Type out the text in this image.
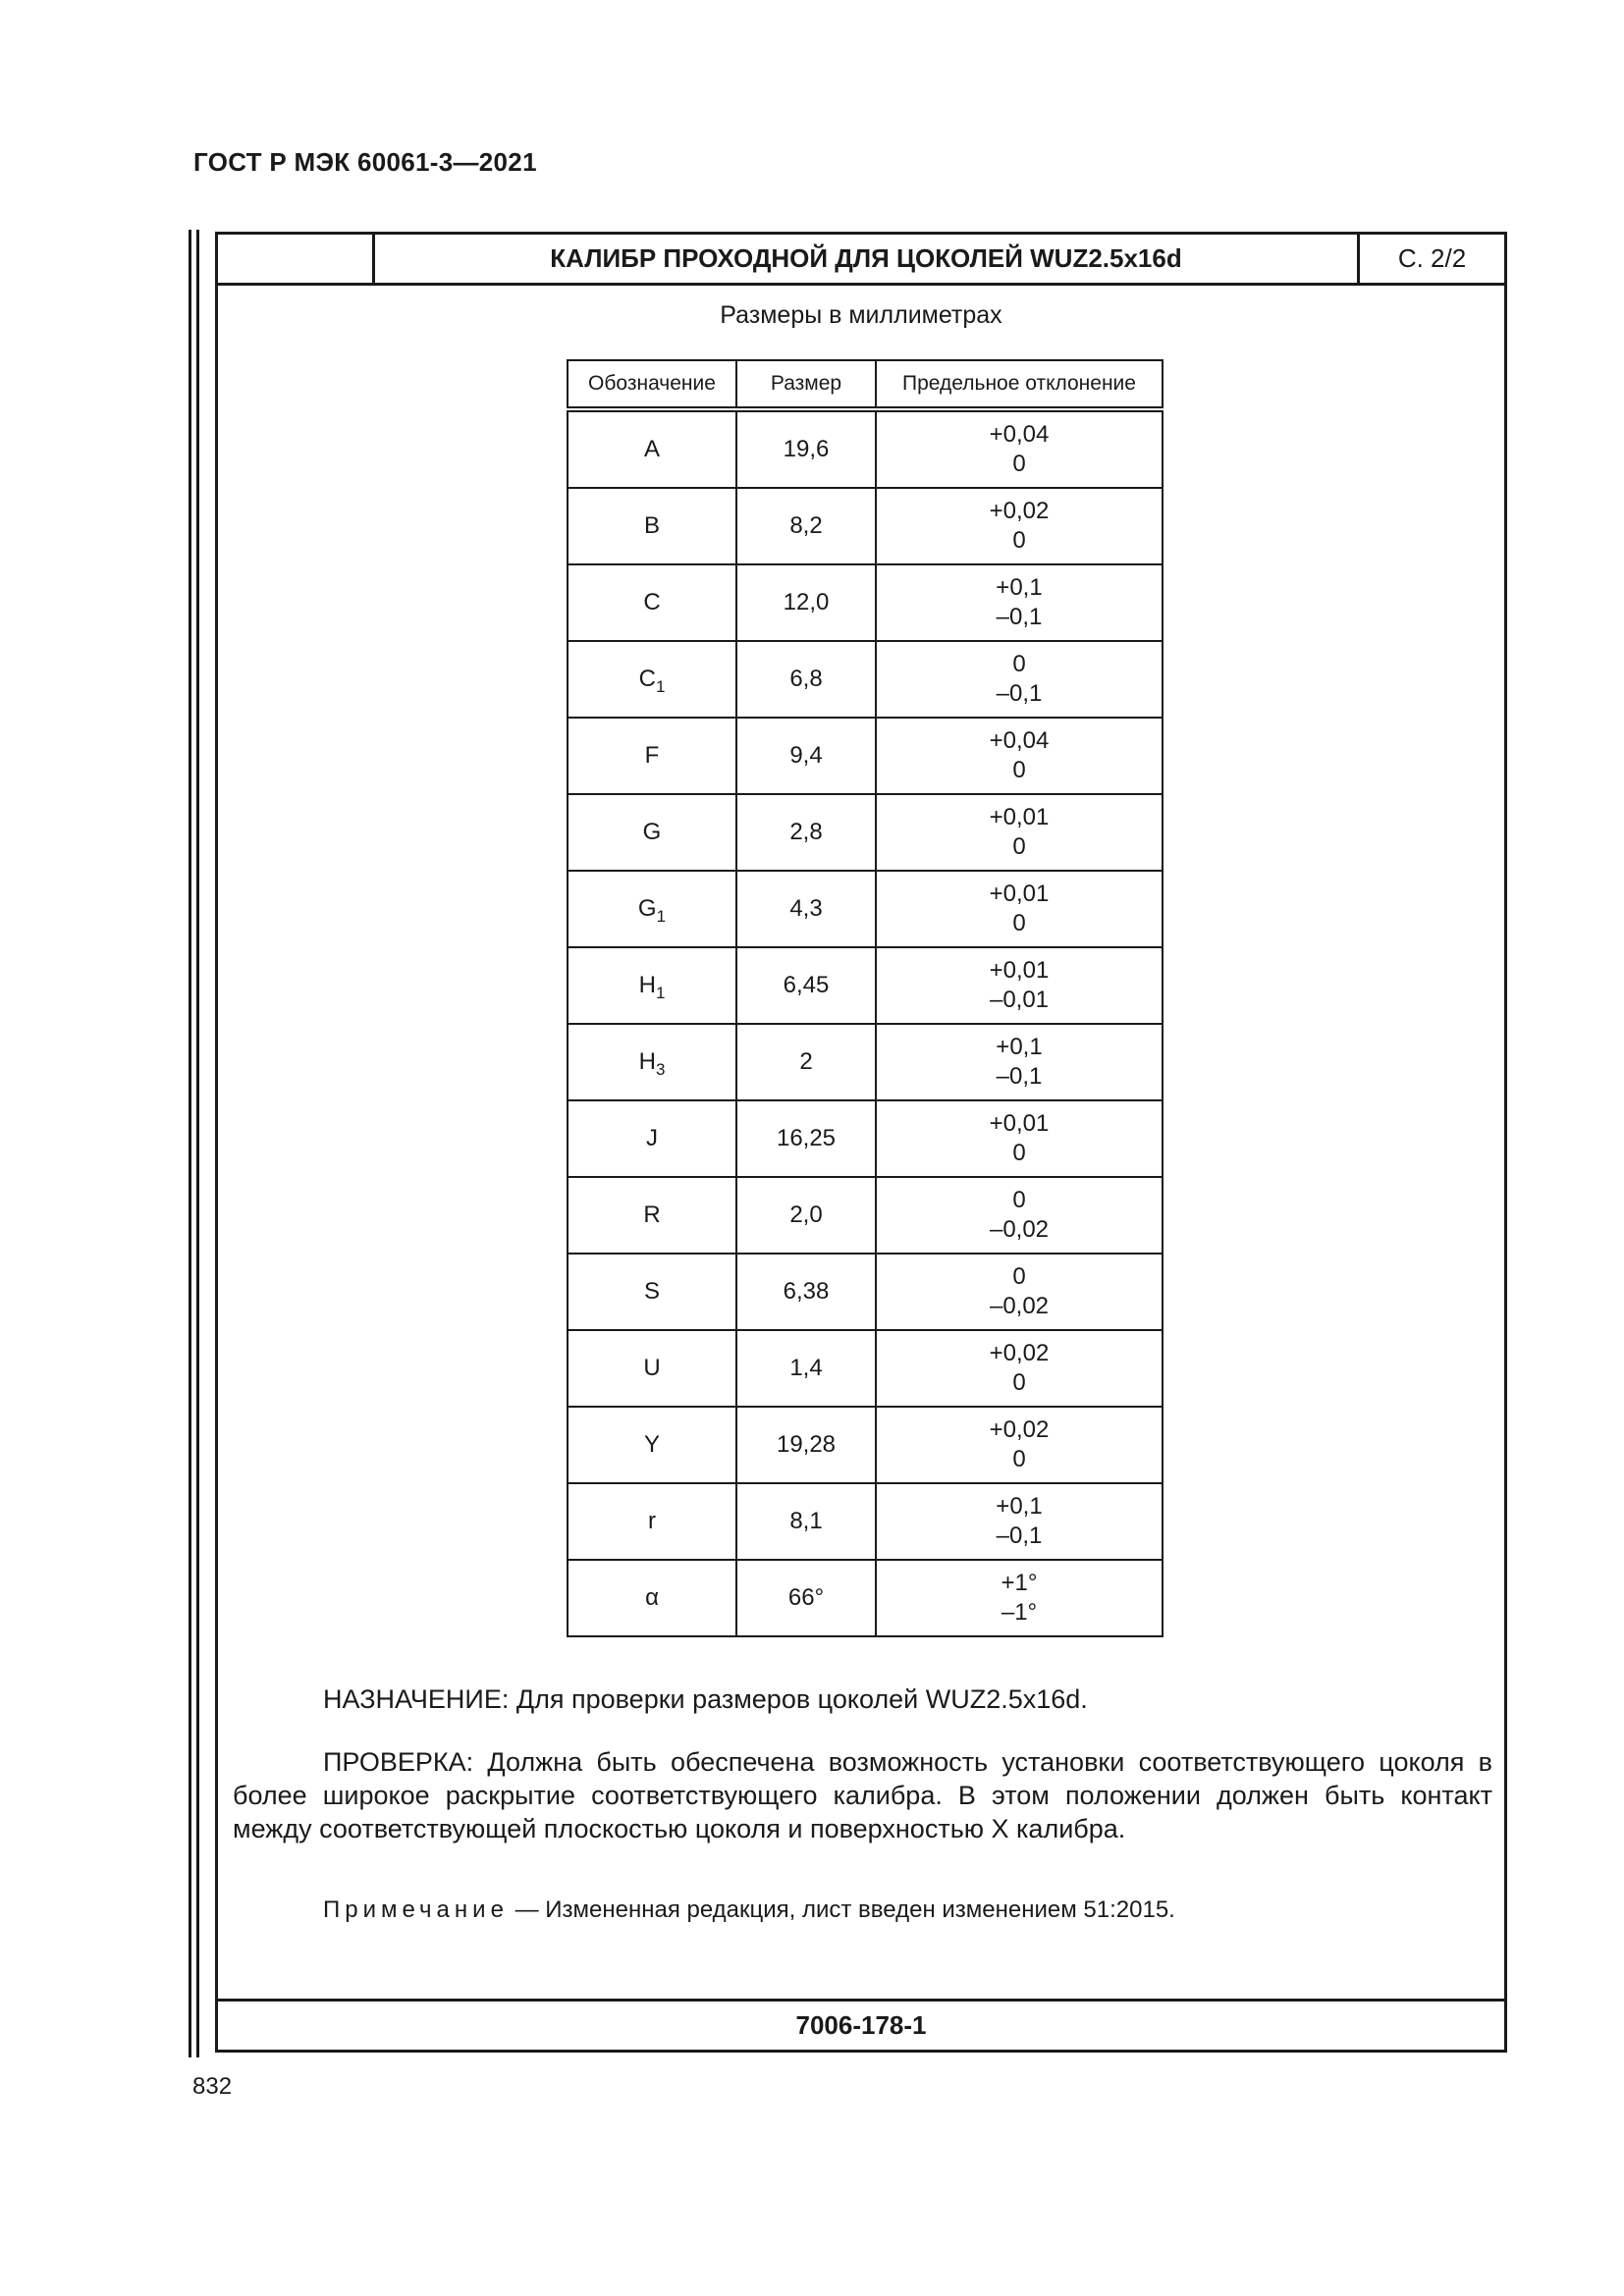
ГОСТ Р МЭК 60061-3—2021
КАЛИБР ПРОХОДНОЙ ДЛЯ ЦОКОЛЕЙ WUZ2.5x16d	С. 2/2
Размеры в миллиметрах
Обозначение	Размер	Предельное отклонение
A	19,6	+0,04
0

B	8,2	+0,02
0

C	12,0	+0,1
–0,1

$C_1$	6,8	0
–0,1

F	9,4	+0,04
0

G	2,8	+0,01
0

$G_1$	4,3	+0,01
0

$H_1$	6,45	+0,01
–0,01

$H_3$	2	+0,1
–0,1

J	16,25	+0,01
0

R	2,0	0
–0,02

S	6,38	0
–0,02

U	1,4	+0,02
0

Y	19,28	+0,02
0

r	8,1	+0,1
–0,1

α	66°	+1°
–1°
НАЗНАЧЕНИЕ: Для проверки размеров цоколей WUZ2.5x16d.
ПРОВЕРКА: Должна быть обеспечена возможность установки соответствующего цоколя в более широкое раскрытие соответствующего калибра. В этом положении должен быть контакт между соответствующей плоскостью цоколя и поверхностью X калибра.
Примечание — Измененная редакция, лист введен изменением 51:2015.
7006-178-1
832
